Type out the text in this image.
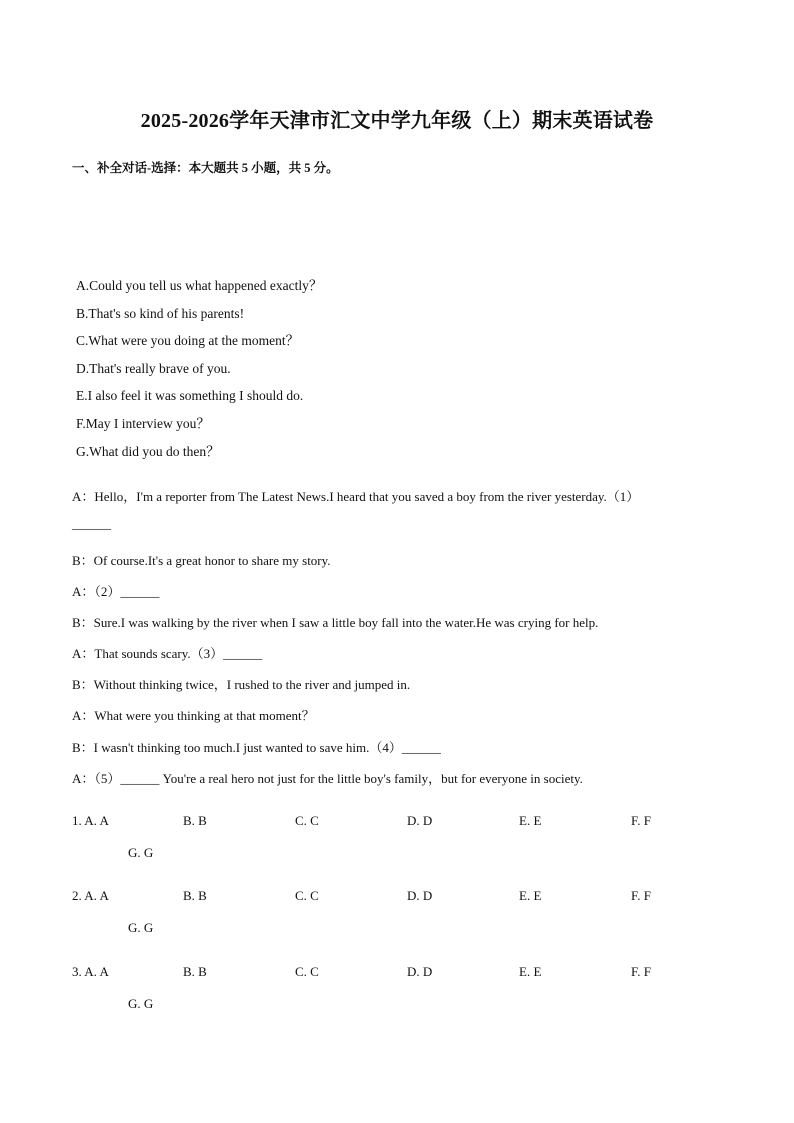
2025-2026学年天津市汇文中学九年级（上）期末英语试卷
一、补全对话-选择：本大题共 5 小题，共 5 分。
A.Could you tell us what happened exactly？
B.That's so kind of his parents!
C.What were you doing at the moment？
D.That's really brave of you.
E.I also feel it was something I should do.
F.May I interview you？
G.What did you do then？
A：Hello，I'm a reporter from The Latest News.I heard that you saved a boy from the river yesterday.（1）
______
B：Of course.It's a great honor to share my story.
A：（2）______
B：Sure.I was walking by the river when I saw a little boy fall into the water.He was crying for help.
A：That sounds scary.（3）______
B：Without thinking twice，I rushed to the river and jumped in.
A：What were you thinking at that moment？
B：I wasn't thinking too much.I just wanted to save him.（4）______
A：（5）______ You're a real hero not just for the little boy's family，but for everyone in society.
1. A. A	B. B	C. C	D. D	E. E	F. F
G. G
2. A. A	B. B	C. C	D. D	E. E	F. F
G. G
3. A. A	B. B	C. C	D. D	E. E	F. F
G. G
